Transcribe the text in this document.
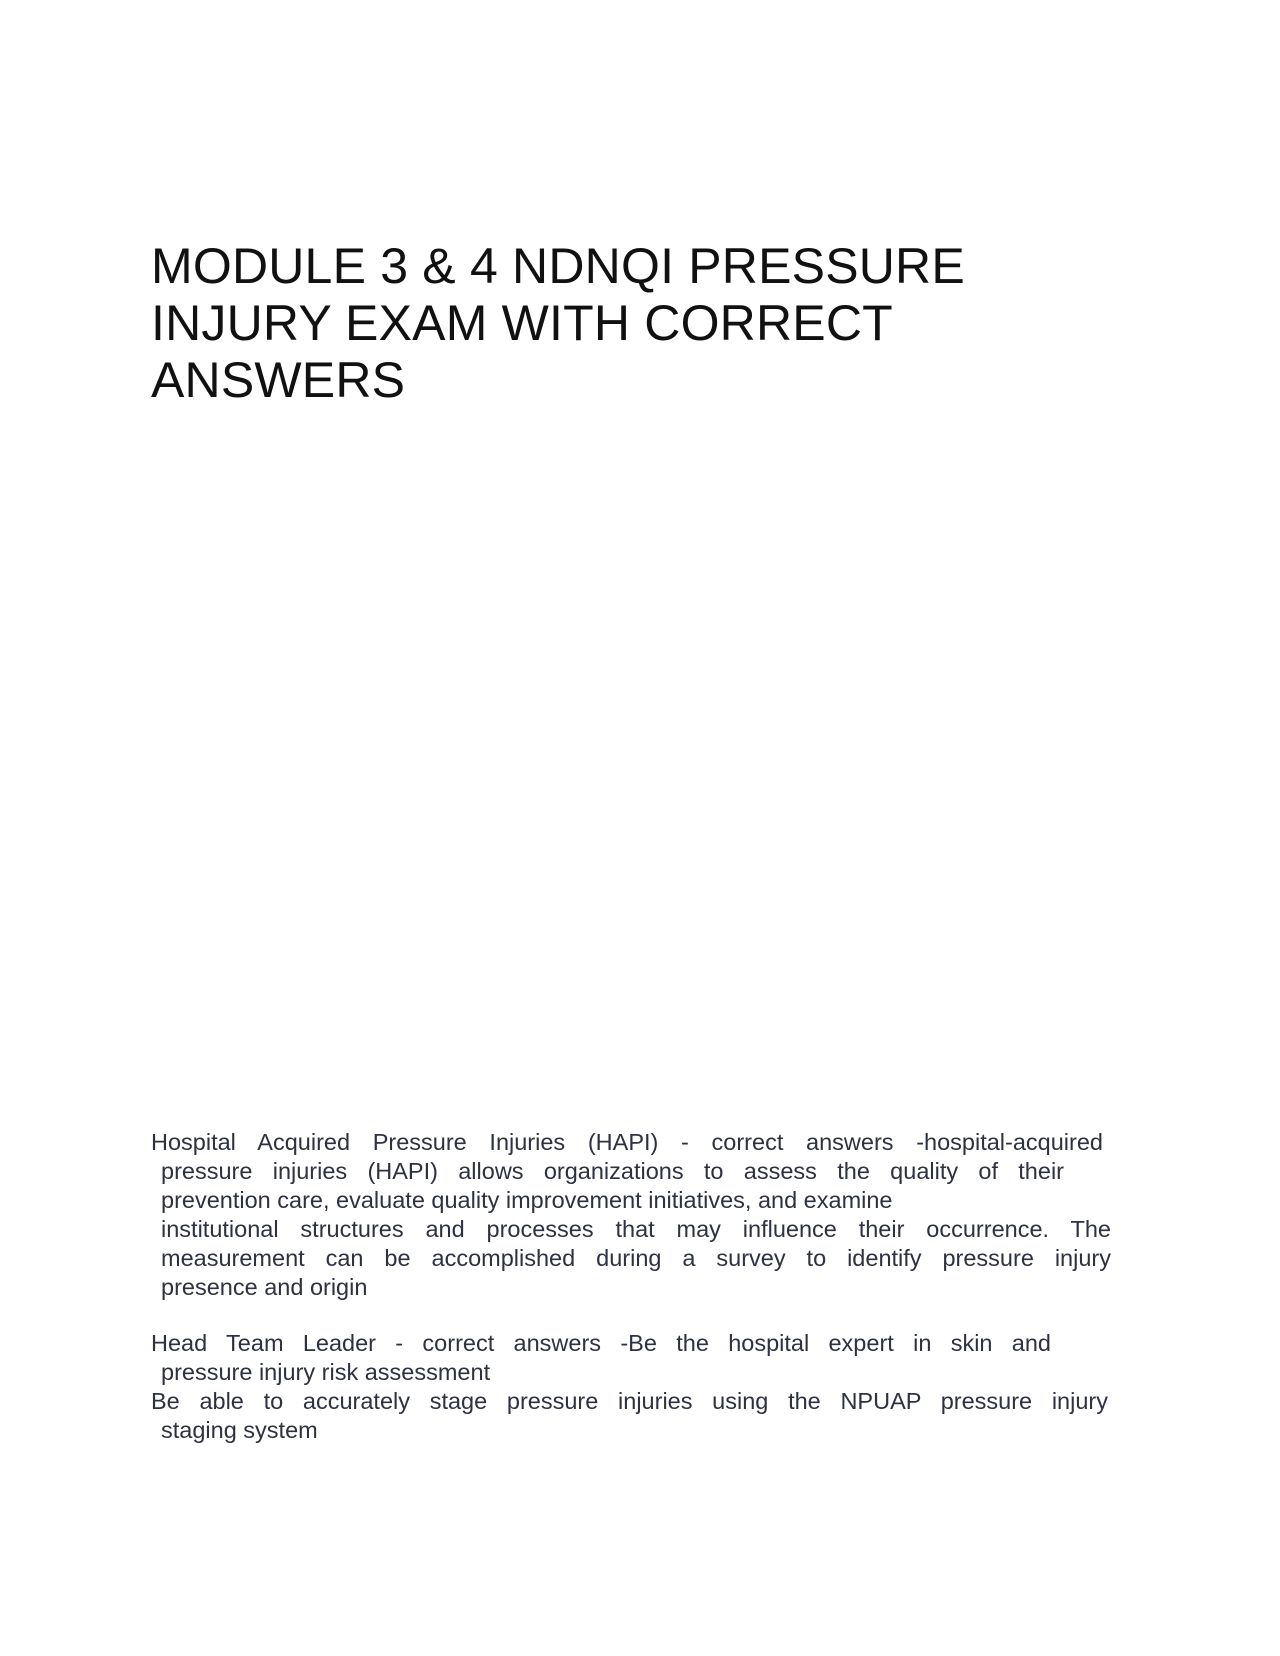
MODULE 3 & 4 NDNQI PRESSURE
INJURY EXAM WITH CORRECT
ANSWERS
Hospital Acquired Pressure Injuries (HAPI) - correct answers -hospital-acquired
pressure injuries (HAPI) allows organizations to assess the quality of their
prevention care, evaluate quality improvement initiatives, and examine
institutional structures and processes that may influence their occurrence. The
measurement can be accomplished during a survey to identify pressure injury
presence and origin
Head Team Leader - correct answers -Be the hospital expert in skin and
pressure injury risk assessment
Be able to accurately stage pressure injuries using the NPUAP pressure injury
staging system
